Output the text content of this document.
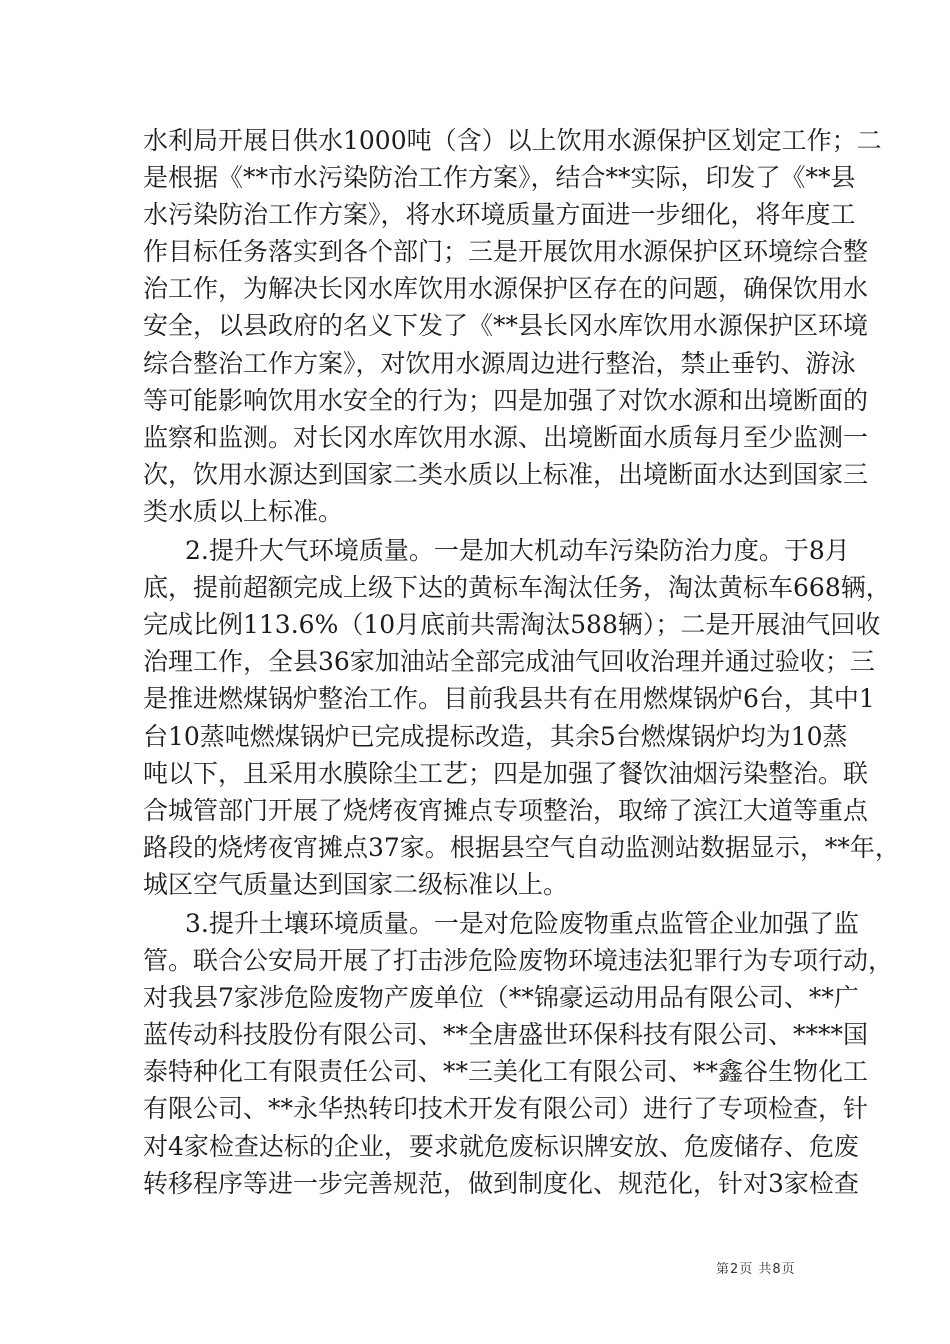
水利局开展日供水1000吨（含）以上饮用水源保护区划定工作；二
是根据《**市水污染防治工作方案》，结合**实际，印发了《**县
水污染防治工作方案》，将水环境质量方面进一步细化，将年度工
作目标任务落实到各个部门；三是开展饮用水源保护区环境综合整
治工作，为解决长冈水库饮用水源保护区存在的问题，确保饮用水
安全，以县政府的名义下发了《**县长冈水库饮用水源保护区环境
综合整治工作方案》，对饮用水源周边进行整治，禁止垂钓、游泳
等可能影响饮用水安全的行为；四是加强了对饮水源和出境断面的
监察和监测。对长冈水库饮用水源、出境断面水质每月至少监测一
次，饮用水源达到国家二类水质以上标准，出境断面水达到国家三
类水质以上标准。
2.提升大气环境质量。一是加大机动车污染防治力度。于8月
底，提前超额完成上级下达的黄标车淘汰任务，淘汰黄标车668辆，
完成比例113.6%（10月底前共需淘汰588辆）；二是开展油气回收
治理工作，全县36家加油站全部完成油气回收治理并通过验收；三
是推进燃煤锅炉整治工作。目前我县共有在用燃煤锅炉6台，其中1
台10蒸吨燃煤锅炉已完成提标改造，其余5台燃煤锅炉均为10蒸
吨以下，且采用水膜除尘工艺；四是加强了餐饮油烟污染整治。联
合城管部门开展了烧烤夜宵摊点专项整治，取缔了滨江大道等重点
路段的烧烤夜宵摊点37家。根据县空气自动监测站数据显示，**年，
城区空气质量达到国家二级标准以上。
3.提升土壤环境质量。一是对危险废物重点监管企业加强了监
管。联合公安局开展了打击涉危险废物环境违法犯罪行为专项行动，
对我县7家涉危险废物产废单位（**锦豪运动用品有限公司、**广
蓝传动科技股份有限公司、**全唐盛世环保科技有限公司、****国
泰特种化工有限责任公司、**三美化工有限公司、**鑫谷生物化工
有限公司、**永华热转印技术开发有限公司）进行了专项检查，针
对4家检查达标的企业，要求就危废标识牌安放、危废储存、危废
转移程序等进一步完善规范，做到制度化、规范化，针对3家检查
第2页 共8页
